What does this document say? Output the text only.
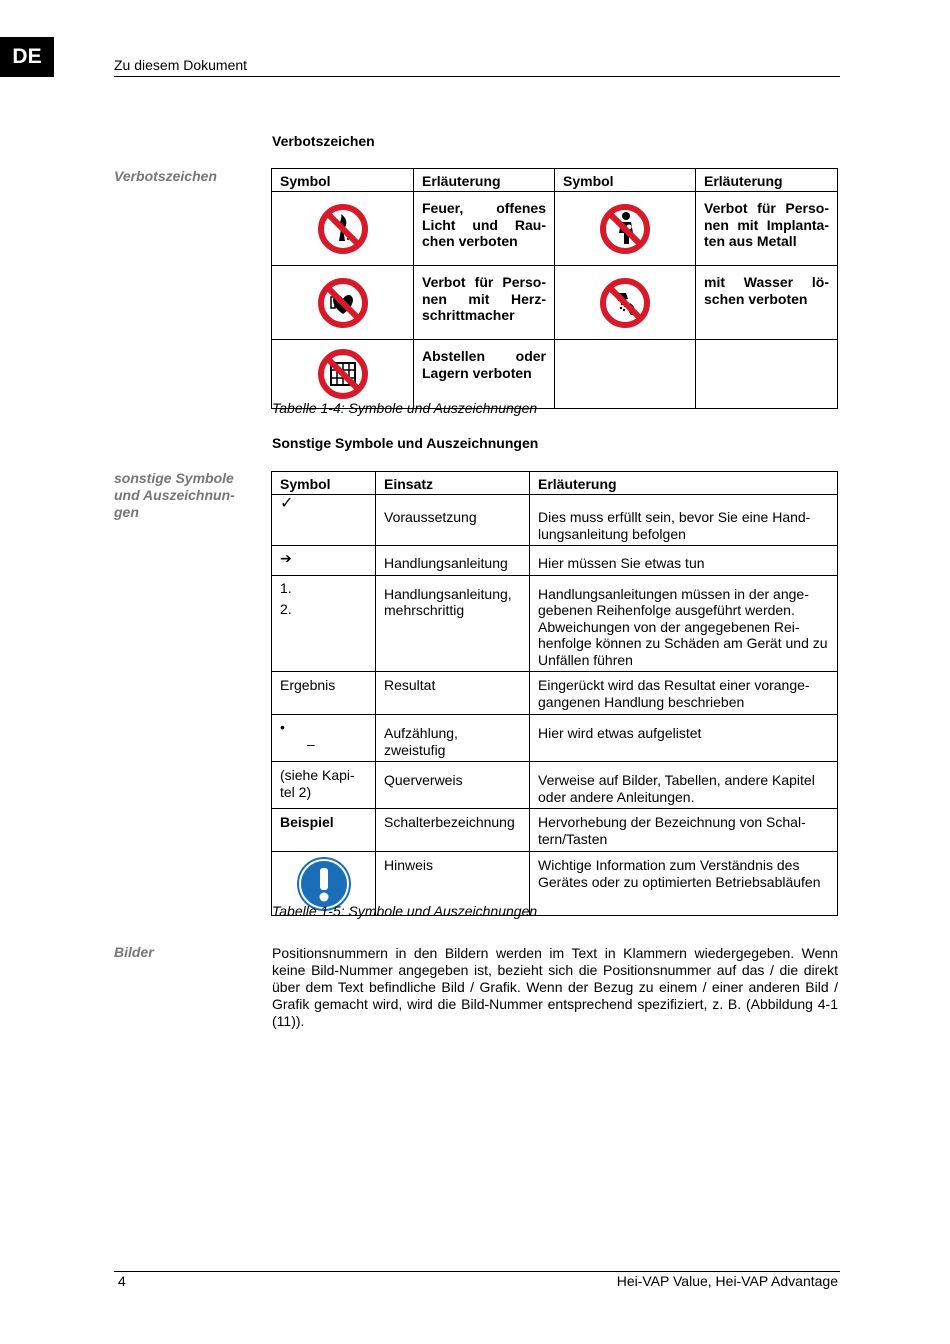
DE	Zu diesem Dokument
Verbotszeichen
Verbotszeichen	Symbol	Erläuterung	Symbol	Erläuterung

	Feuer, offenes Licht und Rau-chen verboten		Verbot für Perso-nen mit Implanta-ten aus Metall

	Verbot für Perso-nen mit Herz-schrittmacher		mit Wasser lö-schen verboten

	Abstellen oder Lagern verboten		
Tabelle 1-4: Symbole und Auszeichnungen
Sonstige Symbole und Auszeichnungen
sonstige Symbole und Auszeichnun-gen
Symbol	Einsatz	Erläuterung
✓	Voraussetzung	Dies muss erfüllt sein, bevor Sie eine Hand-lungsanleitung befolgen
➔	Handlungsanleitung	Hier müssen Sie etwas tun

1.
2.	Handlungsanleitung, mehrschrittig	Handlungsanleitungen müssen in der ange-gebenen Reihenfolge ausgeführt werden. Abweichungen von der angegebenen Rei-henfolge können zu Schäden am Gerät und zu Unfällen führen
Ergebnis	Resultat	Eingerückt wird das Resultat einer vorange-gangenen Handlung beschrieben

•
–	Aufzählung, zweistufig	Hier wird etwas aufgelistet
(siehe Kapi-tel 2)	Querverweis	Verweise auf Bilder, Tabellen, andere Kapitel oder andere Anleitungen.
Beispiel	Schalterbezeichnung	Hervorhebung der Bezeichnung von Schal-tern/Tasten

	Hinweis	Wichtige Information zum Verständnis des Gerätes oder zu optimierten Betriebsabläufen
Tabelle 1-5: Symbole und Auszeichnungen
Bilder	Positionsnummern in den Bildern werden im Text in Klammern wiedergegeben. Wenn keine Bild-Nummer angegeben ist, bezieht sich die Positionsnummer auf das / die direkt über dem Text befindliche Bild / Grafik. Wenn der Bezug zu einem / einer anderen Bild / Grafik gemacht wird, wird die Bild-Nummer entsprechend spezifiziert, z. B. (Abbildung 4-1 (11)).
4	Hei-VAP Value, Hei-VAP Advantage
